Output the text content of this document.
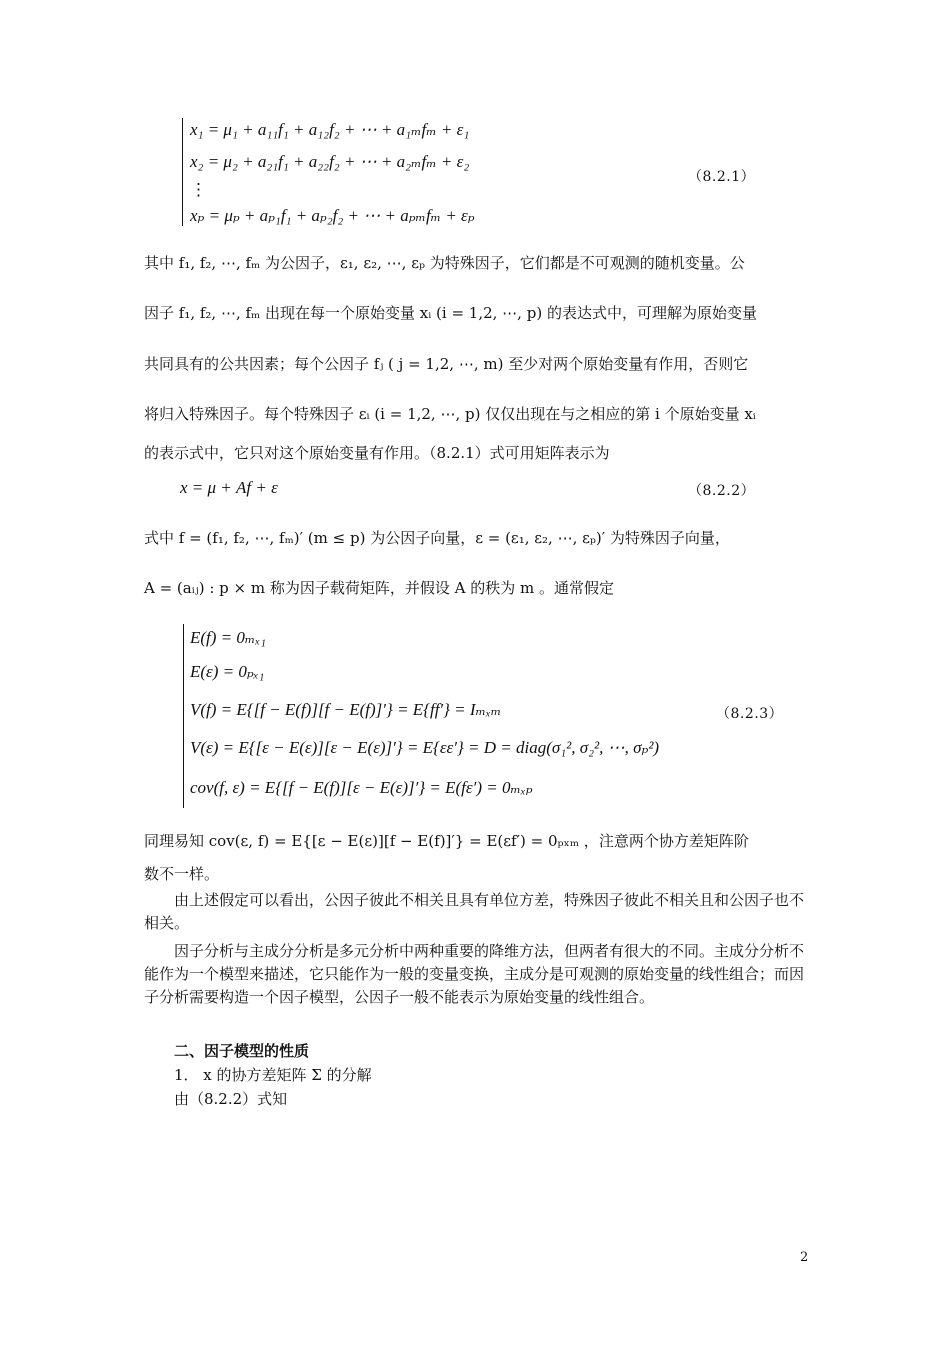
x₁ = μ₁ + a₁₁f₁ + a₁₂f₂ + ⋯ + a₁ₘfₘ + ε₁
x₂ = μ₂ + a₂₁f₁ + a₂₂f₂ + ⋯ + a₂ₘfₘ + ε₂
⋮
xₚ = μₚ + aₚ₁f₁ + aₚ₂f₂ + ⋯ + aₚₘfₘ + εₚ
（8.2.1）
其中 f₁, f₂, ⋯, fₘ 为公因子，ε₁, ε₂, ⋯, εₚ 为特殊因子，它们都是不可观测的随机变量。公
因子 f₁, f₂, ⋯, fₘ 出现在每一个原始变量 xᵢ (i = 1,2, ⋯, p) 的表达式中，可理解为原始变量
共同具有的公共因素；每个公因子 fⱼ ( j = 1,2, ⋯, m) 至少对两个原始变量有作用，否则它
将归入特殊因子。每个特殊因子 εᵢ (i = 1,2, ⋯, p) 仅仅出现在与之相应的第 i 个原始变量 xᵢ
的表示式中，它只对这个原始变量有作用。（8.2.1）式可用矩阵表示为
x = μ + Af + ε	（8.2.2）
式中 f = (f₁, f₂, ⋯, fₘ)′ (m ≤ p) 为公因子向量，ε = (ε₁, ε₂, ⋯, εₚ)′ 为特殊因子向量，
A = (aᵢⱼ) : p × m 称为因子载荷矩阵，并假设 A 的秩为 m 。通常假定
E(f) = 0ₘₓ₁
E(ε) = 0ₚₓ₁
V(f) = E{[f − E(f)][f − E(f)]′} = E{ff′} = Iₘₓₘ
V(ε) = E{[ε − E(ε)][ε − E(ε)]′} = E{εε′} = D = diag(σ₁², σ₂², ⋯, σₚ²)
cov(f, ε) = E{[f − E(f)][ε − E(ε)]′} = E(fε′) = 0ₘₓₚ
（8.2.3）
同理易知 cov(ε, f) = E{[ε − E(ε)][f − E(f)]′} = E(εf′) = 0ₚₓₘ ，注意两个协方差矩阵阶
数不一样。
由上述假定可以看出，公因子彼此不相关且具有单位方差，特殊因子彼此不相关且和公因子也不相关。
因子分析与主成分分析是多元分析中两种重要的降维方法，但两者有很大的不同。主成分分析不能作为一个模型来描述，它只能作为一般的变量变换，主成分是可观测的原始变量的线性组合；而因子分析需要构造一个因子模型，公因子一般不能表示为原始变量的线性组合。
二、因子模型的性质
1． x 的协方差矩阵 Σ 的分解
由（8.2.2）式知
2
